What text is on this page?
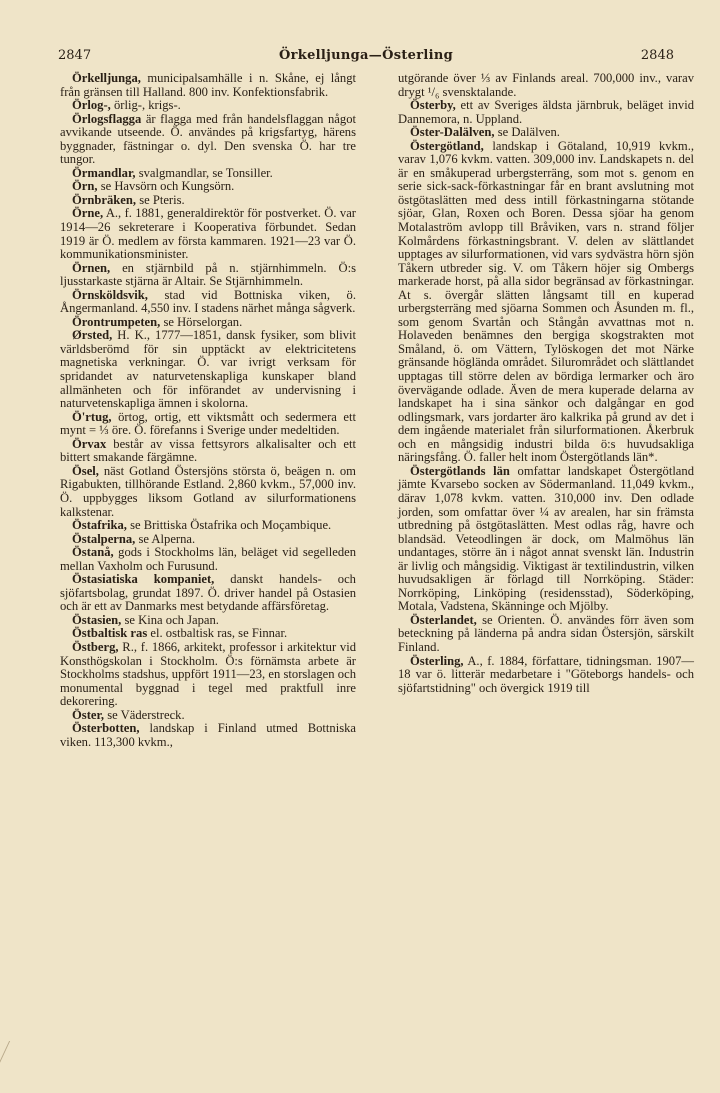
2847	Örkelljunga—Österling	2848

Örkelljunga, municipalsamhälle i n. Skåne, ej långt från gränsen till Halland. 800 inv. Konfektionsfabrik.

Örlog-, örlig-, krigs-.

Örlogsflagga är flagga med från handelsflaggan något avvikande utseende. Ö. användes på krigsfartyg, härens byggnader, fästningar o. dyl. Den svenska Ö. har tre tungor.

Örmandlar, svalgmandlar, se Tonsiller.

Örn, se Havsörn och Kungsörn.

Örnbräken, se Pteris.

Örne, A., f. 1881, generaldirektör för postverket. Ö. var 1914—26 sekreterare i Kooperativa förbundet. Sedan 1919 är Ö. medlem av första kammaren. 1921—23 var Ö. kommunikationsminister.

Örnen, en stjärnbild på n. stjärnhimmeln. Ö:s ljusstarkaste stjärna är Altair. Se Stjärnhimmeln.

Örnsköldsvik, stad vid Bottniska viken, ö. Ångermanland. 4,550 inv. I stadens närhet många sågverk.

Örontrumpeten, se Hörselorgan.

Ørsted, H. K., 1777—1851, dansk fysiker, som blivit världsberömd för sin upptäckt av elektricitetens magnetiska verkningar. Ö. var ivrigt verksam för spridandet av naturvetenskapliga kunskaper bland allmänheten och för införandet av undervisning i naturvetenskapliga ämnen i skolorna.

Ö'rtug, örtog, ortig, ett viktsmått och sedermera ett mynt = ⅓ öre. Ö. förefanns i Sverige under medeltiden.

Örvax består av vissa fettsyrors alkalisalter och ett bittert smakande färgämne.

Ösel, näst Gotland Östersjöns största ö, beägen n. om Rigabukten, tillhörande Estland. 2,860 kvkm., 57,000 inv. Ö. uppbygges liksom Gotland av silurformationens kalkstenar.

Östafrika, se Brittiska Östafrika och Moçambique.

Östalperna, se Alperna.

Östanå, gods i Stockholms län, beläget vid segelleden mellan Vaxholm och Furusund.

Östasiatiska kompaniet, danskt handels- och sjöfartsbolag, grundat 1897. Ö. driver handel på Ostasien och är ett av Danmarks mest betydande affärsföretag.

Östasien, se Kina och Japan.

Östbaltisk ras el. ostbaltisk ras, se Finnar.

Östberg, R., f. 1866, arkitekt, professor i arkitektur vid Konsthögskolan i Stockholm. Ö:s förnämsta arbete är Stockholms stadshus, uppfört 1911—23, en storslagen och monumental byggnad i tegel med praktfull inre dekorering.

Öster, se Väderstreck.

Österbotten, landskap i Finland utmed Bottniska viken. 113,300 kvkm.,

utgörande över ⅓ av Finlands areal. 700,000 inv., varav drygt ¹/₆ svensktalande.

Österby, ett av Sveriges äldsta järnbruk, beläget invid Dannemora, n. Uppland.

Öster-Dalälven, se Dalälven.

Östergötland, landskap i Götaland, 10,919 kvkm., varav 1,076 kvkm. vatten. 309,000 inv. Landskapets n. del är en småkuperad urbergsterräng, som mot s. genom en serie sick-sack-förkastningar får en brant avslutning mot östgötaslätten med dess intill förkastningarna stötande sjöar, Glan, Roxen och Boren. Dessa sjöar ha genom Motalaström avlopp till Bråviken, vars n. strand följer Kolmårdens förkastningsbrant. V. delen av slättlandet upptages av silurformationen, vid vars sydvästra hörn sjön Tåkern utbreder sig. V. om Tåkern höjer sig Ombergs markerade horst, på alla sidor begränsad av förkastningar. At s. övergår slätten långsamt till en kuperad urbergsterräng med sjöarna Sommen och Åsunden m. fl., som genom Svartån och Stångån avvattnas mot n. Holaveden benämnes den bergiga skogstrakten mot Småland, ö. om Vättern, Tylöskogen det mot Närke gränsande höglända området. Silurområdet och slättlandet upptagas till större delen av bördiga lermarker och äro övervägande odlade. Även de mera kuperade delarna av landskapet ha i sina sänkor och dalgångar en god odlingsmark, vars jordarter äro kalkrika på grund av det i dem ingående materialet från silurformationen. Åkerbruk och en mångsidig industri bilda ö:s huvudsakliga näringsfång. Ö. faller helt inom Östergötlands län*.

Östergötlands län omfattar landskapet Östergötland jämte Kvarsebo socken av Södermanland. 11,049 kvkm., därav 1,078 kvkm. vatten. 310,000 inv. Den odlade jorden, som omfattar över ¼ av arealen, har sin främsta utbredning på östgötaslätten. Mest odlas råg, havre och blandsäd. Veteodlingen är dock, om Malmöhus län undantages, större än i något annat svenskt län. Industrin är livlig och mångsidig. Viktigast är textilindustrin, vilken huvudsakligen är förlagd till Norrköping. Städer: Norrköping, Linköping (residensstad), Söderköping, Motala, Vadstena, Skänninge och Mjölby.

Österlandet, se Orienten. Ö. användes förr även som beteckning på länderna på andra sidan Östersjön, särskilt Finland.

Österling, A., f. 1884, författare, tidningsman. 1907—18 var ö. litterär medarbetare i "Göteborgs handels- och sjöfartstidning" och övergick 1919 till
